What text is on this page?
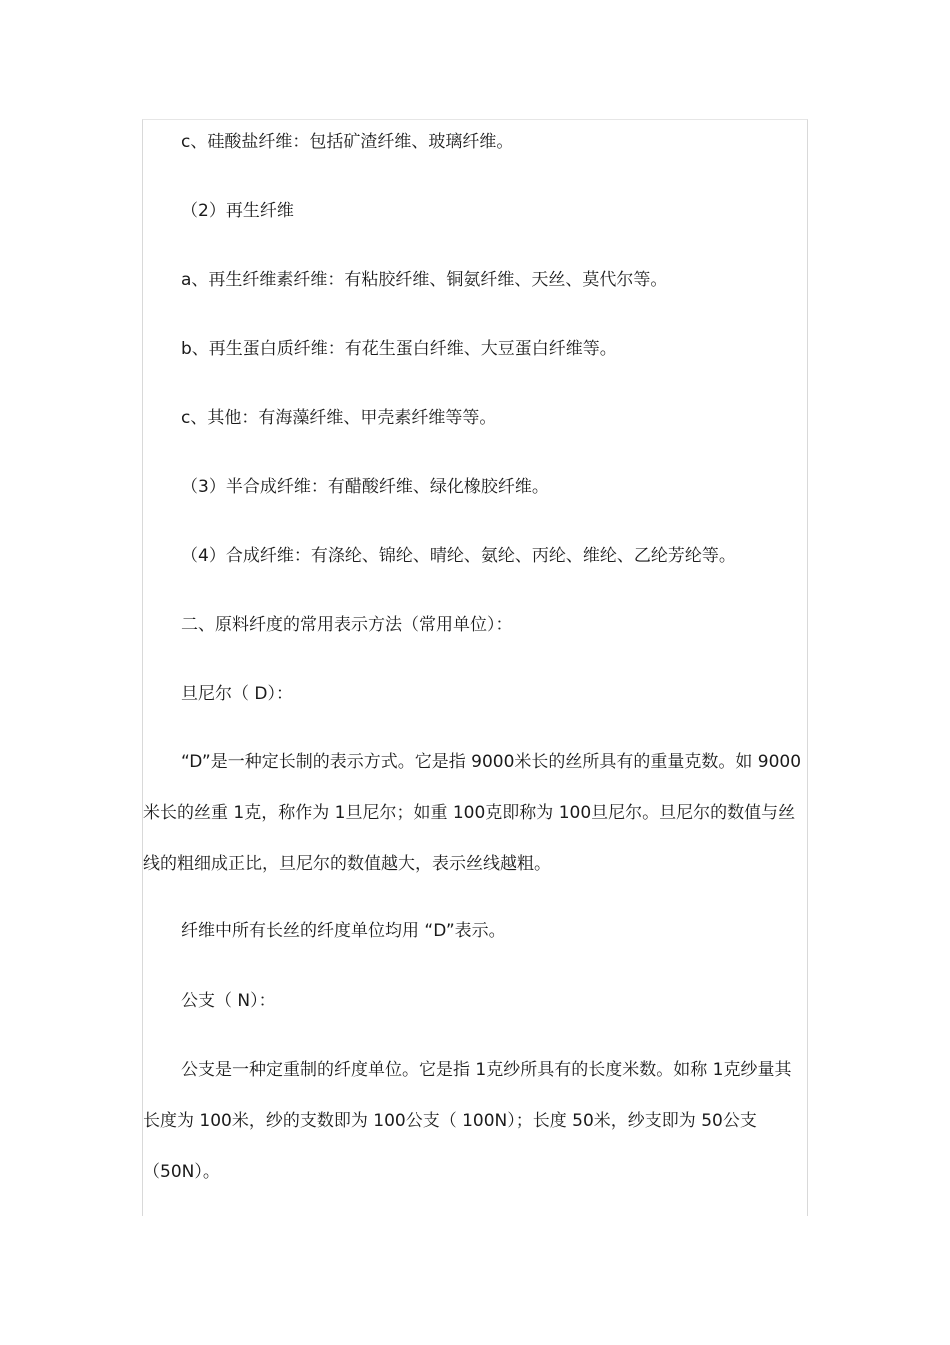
c、硅酸盐纤维：包括矿渣纤维、玻璃纤维。
（2）再生纤维
a、再生纤维素纤维：有粘胶纤维、铜氨纤维、天丝、莫代尔等。
b、再生蛋白质纤维：有花生蛋白纤维、大豆蛋白纤维等。
c、其他：有海藻纤维、甲壳素纤维等等。
（3）半合成纤维：有醋酸纤维、绿化橡胶纤维。
（4）合成纤维：有涤纶、锦纶、晴纶、氨纶、丙纶、维纶、乙纶芳纶等。
二、原料纤度的常用表示方法（常用单位）：
旦尼尔（ D）：
“D”是一种定长制的表示方式。它是指 9000米长的丝所具有的重量克数。如 9000米长的丝重 1克，称作为 1旦尼尔；如重 100克即称为 100旦尼尔。旦尼尔的数值与丝线的粗细成正比，旦尼尔的数值越大，表示丝线越粗。
纤维中所有长丝的纤度单位均用 “D”表示。
公支（ N）：
公支是一种定重制的纤度单位。它是指 1克纱所具有的长度米数。如称 1克纱量其长度为 100米，纱的支数即为 100公支（ 100N）；长度 50米，纱支即为 50公支（50N）。
